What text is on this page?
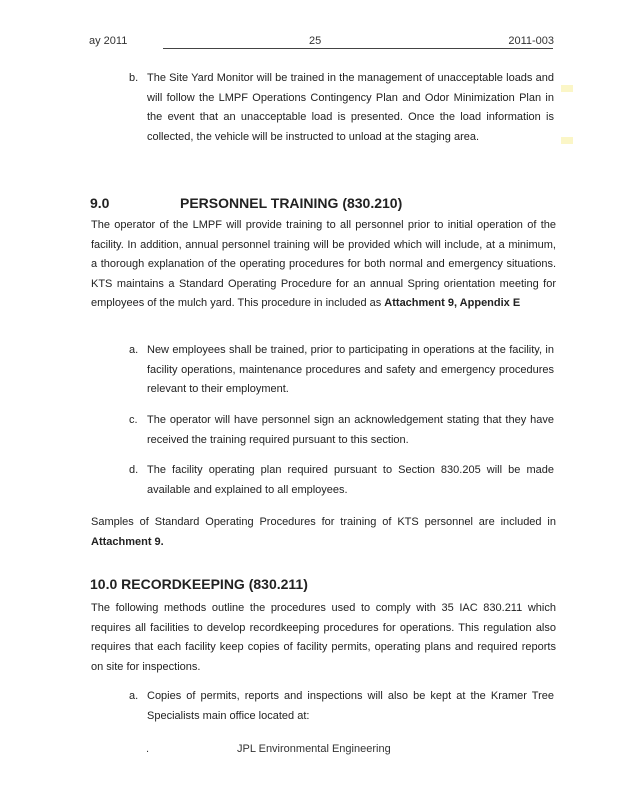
ay 2011	25	2011-003
b. The Site Yard Monitor will be trained in the management of unacceptable loads and will follow the LMPF Operations Contingency Plan and Odor Minimization Plan in the event that an unacceptable load is presented. Once the load information is collected, the vehicle will be instructed to unload at the staging area.

9.0	PERSONNEL TRAINING (830.210)

The operator of the LMPF will provide training to all personnel prior to initial operation of the facility. In addition, annual personnel training will be provided which will include, at a minimum, a thorough explanation of the operating procedures for both normal and emergency situations. KTS maintains a Standard Operating Procedure for an annual Spring orientation meeting for employees of the mulch yard. This procedure in included as Attachment 9, Appendix E

a. New employees shall be trained, prior to participating in operations at the facility, in facility operations, maintenance procedures and safety and emergency procedures relevant to their employment.

c. The operator will have personnel sign an acknowledgement stating that they have received the training required pursuant to this section.

d. The facility operating plan required pursuant to Section 830.205 will be made available and explained to all employees.

Samples of Standard Operating Procedures for training of KTS personnel are included in Attachment 9.

10.0 RECORDKEEPING (830.211)

The following methods outline the procedures used to comply with 35 IAC 830.211 which requires all facilities to develop recordkeeping procedures for operations. This regulation also requires that each facility keep copies of facility permits, operating plans and required reports on site for inspections.

a. Copies of permits, reports and inspections will also be kept at the Kramer Tree Specialists main office located at:

.	JPL Environmental Engineering
